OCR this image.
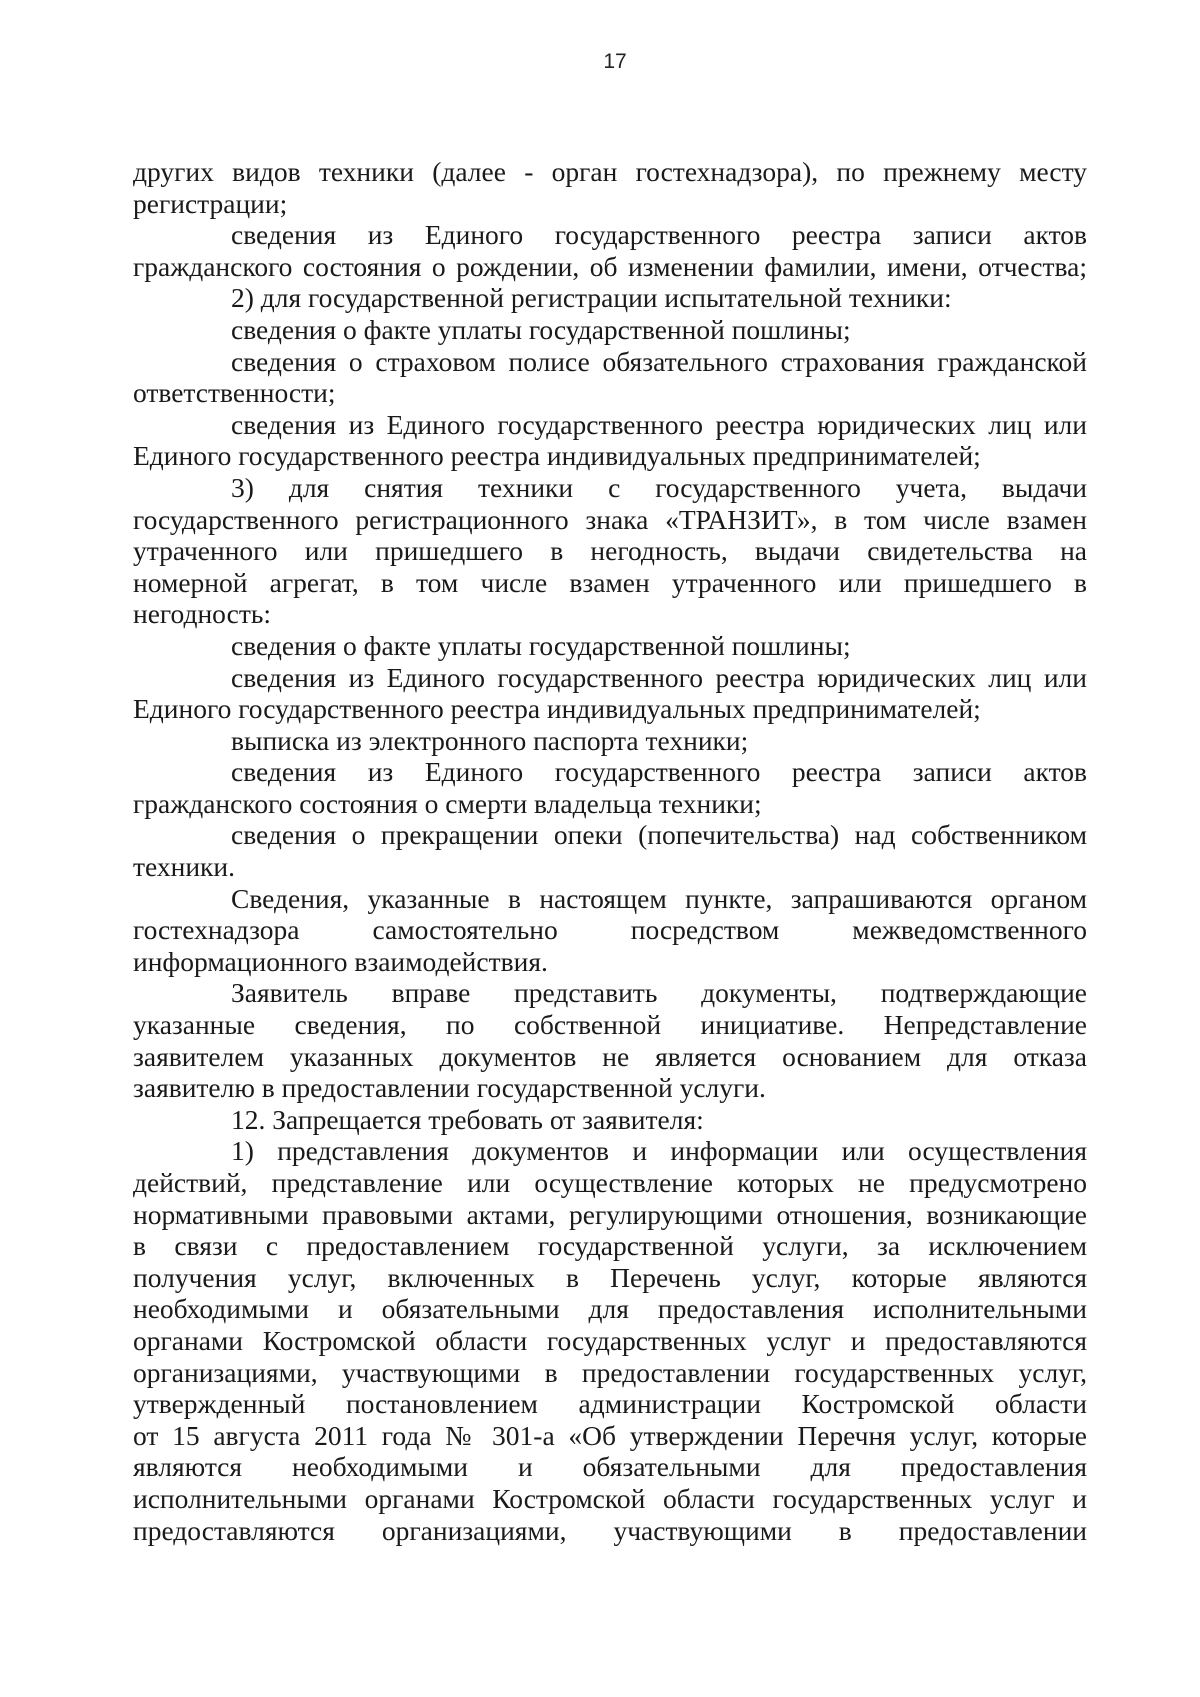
17
других видов техники (далее - орган гостехнадзора), по прежнему месту
регистрации;
сведения из Единого государственного реестра записи актов
гражданского состояния о рождении, об изменении фамилии, имени, отчества;
2) для государственной регистрации испытательной техники:
сведения о факте уплаты государственной пошлины;
сведения о страховом полисе обязательного страхования гражданской
ответственности;
сведения из Единого государственного реестра юридических лиц или
Единого государственного реестра индивидуальных предпринимателей;
3) для снятия техники с государственного учета, выдачи
государственного регистрационного знака «ТРАНЗИТ», в том числе взамен
утраченного или пришедшего в негодность, выдачи свидетельства на
номерной агрегат, в том числе взамен утраченного или пришедшего в
негодность:
сведения о факте уплаты государственной пошлины;
сведения из Единого государственного реестра юридических лиц или
Единого государственного реестра индивидуальных предпринимателей;
выписка из электронного паспорта техники;
сведения из Единого государственного реестра записи актов
гражданского состояния о смерти владельца техники;
сведения о прекращении опеки (попечительства) над собственником
техники.
Сведения, указанные в настоящем пункте, запрашиваются органом
гостехнадзора самостоятельно посредством межведомственного
информационного взаимодействия.
Заявитель вправе представить документы, подтверждающие
указанные сведения, по собственной инициативе. Непредставление
заявителем указанных документов не является основанием для отказа
заявителю в предоставлении государственной услуги.
12. Запрещается требовать от заявителя:
1) представления документов и информации или осуществления
действий, представление или осуществление которых не предусмотрено
нормативными правовыми актами, регулирующими отношения, возникающие
в связи с предоставлением государственной услуги, за исключением
получения услуг, включенных в Перечень услуг, которые являются
необходимыми и обязательными для предоставления исполнительными
органами Костромской области государственных услуг и предоставляются
организациями, участвующими в предоставлении государственных услуг,
утвержденный постановлением администрации Костромской области
от 15 августа 2011 года № 301-а «Об утверждении Перечня услуг, которые
являются необходимыми и обязательными для предоставления
исполнительными органами Костромской области государственных услуг и
предоставляются организациями, участвующими в предоставлении
